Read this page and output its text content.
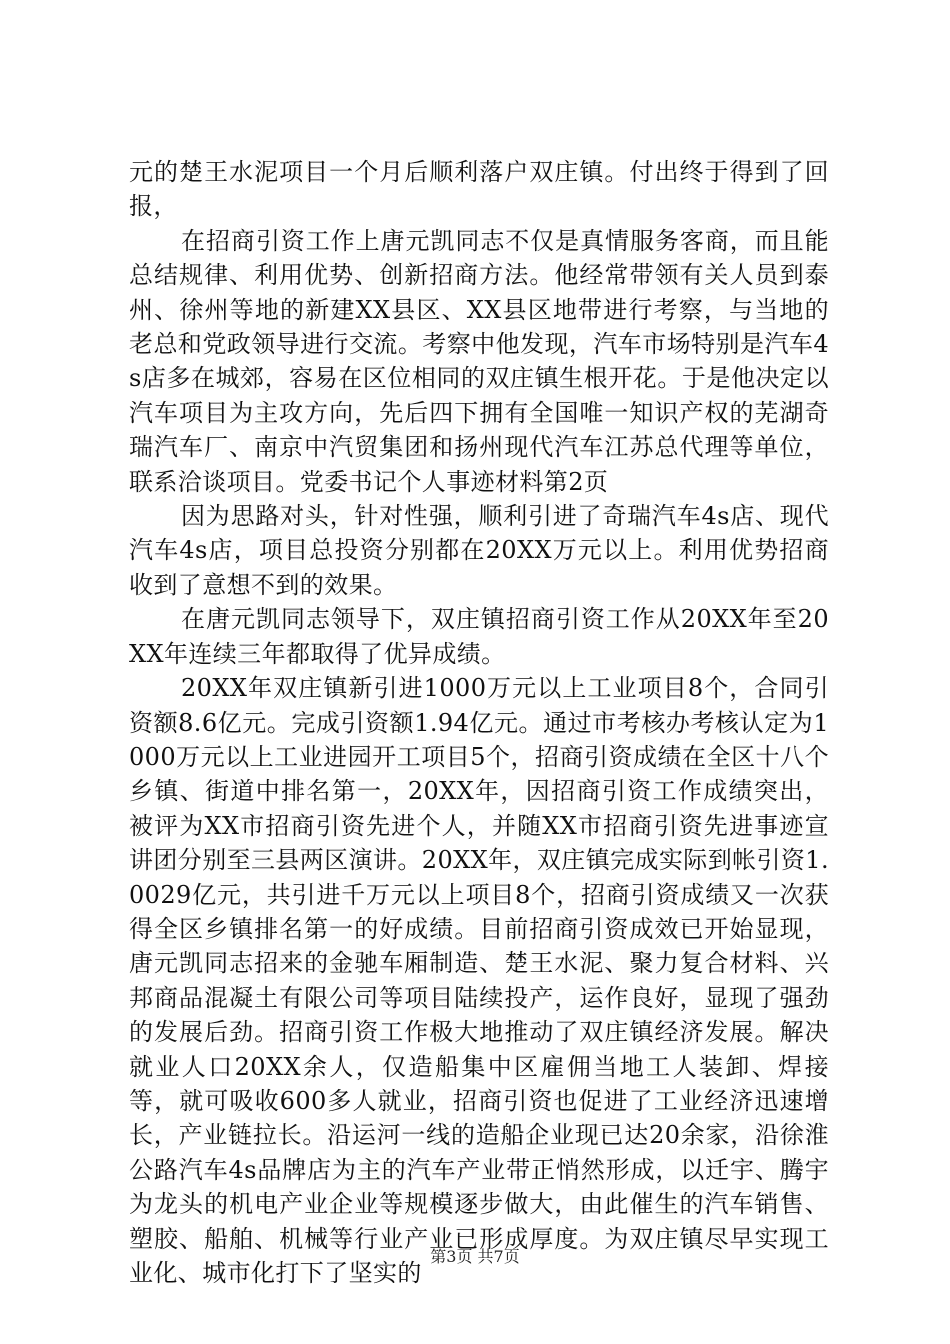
元的楚王水泥项目一个月后顺利落户双庄镇。付出终于得到了回报，

在招商引资工作上唐元凯同志不仅是真情服务客商，而且能总结规律、利用优势、创新招商方法。他经常带领有关人员到泰州、徐州等地的新建XX县区、XX县区地带进行考察，与当地的老总和党政领导进行交流。考察中他发现，汽车市场特别是汽车4s店多在城郊，容易在区位相同的双庄镇生根开花。于是他决定以汽车项目为主攻方向，先后四下拥有全国唯一知识产权的芜湖奇瑞汽车厂、南京中汽贸集团和扬州现代汽车江苏总代理等单位，联系洽谈项目。党委书记个人事迹材料第2页

因为思路对头，针对性强，顺利引进了奇瑞汽车4s店、现代汽车4s店，项目总投资分别都在20XX万元以上。利用优势招商收到了意想不到的效果。

在唐元凯同志领导下，双庄镇招商引资工作从20XX年至20XX年连续三年都取得了优异成绩。

20XX年双庄镇新引进1000万元以上工业项目8个，合同引资额8.6亿元。完成引资额1.94亿元。通过市考核办考核认定为1000万元以上工业进园开工项目5个，招商引资成绩在全区十八个乡镇、街道中排名第一，20XX年，因招商引资工作成绩突出，被评为XX市招商引资先进个人，并随XX市招商引资先进事迹宣讲团分别至三县两区演讲。20XX年，双庄镇完成实际到帐引资1.0029亿元，共引进千万元以上项目8个，招商引资成绩又一次获得全区乡镇排名第一的好成绩。目前招商引资成效已开始显现，唐元凯同志招来的金驰车厢制造、楚王水泥、聚力复合材料、兴邦商品混凝土有限公司等项目陆续投产，运作良好，显现了强劲的发展后劲。招商引资工作极大地推动了双庄镇经济发展。解决就业人口20XX余人，仅造船集中区雇佣当地工人装卸、焊接等，就可吸收600多人就业，招商引资也促进了工业经济迅速增长，产业链拉长。沿运河一线的造船企业现已达20余家，沿徐淮公路汽车4s品牌店为主的汽车产业带正悄然形成，以迁宇、腾宇为龙头的机电产业企业等规模逐步做大，由此催生的汽车销售、塑胶、船舶、机械等行业产业已形成厚度。为双庄镇尽早实现工业化、城市化打下了坚实的

第3页 共7页
